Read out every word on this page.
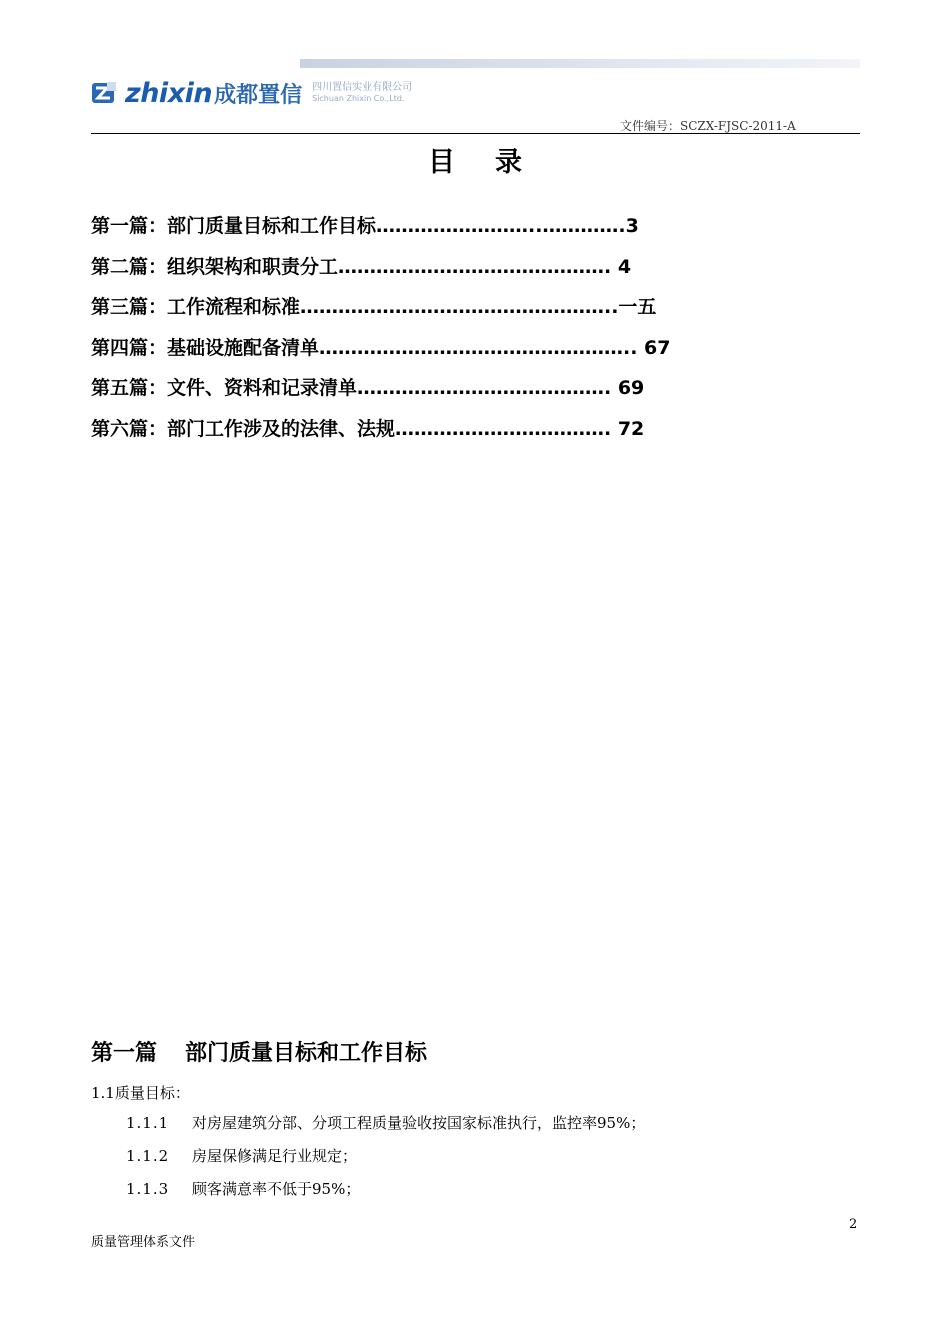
zhixin 成都置信 四川置信实业有限公司
Sichuan Zhixin Co.,Ltd.
文件编号：SCZX-FJSC-2011-A
目录
第一篇：部门质量目标和工作目标……………………..………….3
第二篇：组织架构和职责分工……………………………………. 4
第三篇：工作流程和标准…………………………………………..一五
第四篇：基础设施配备清单………………………………………….. 67
第五篇：文件、资料和记录清单…………………………………. 69
第六篇：部门工作涉及的法律、法规……………………………. 72
第一篇 部门质量目标和工作目标
1.1质量目标：
1.1.1 对房屋建筑分部、分项工程质量验收按国家标准执行，监控率95%；
1.1.2 房屋保修满足行业规定；
1.1.3 顾客满意率不低于95%；
2
质量管理体系文件
